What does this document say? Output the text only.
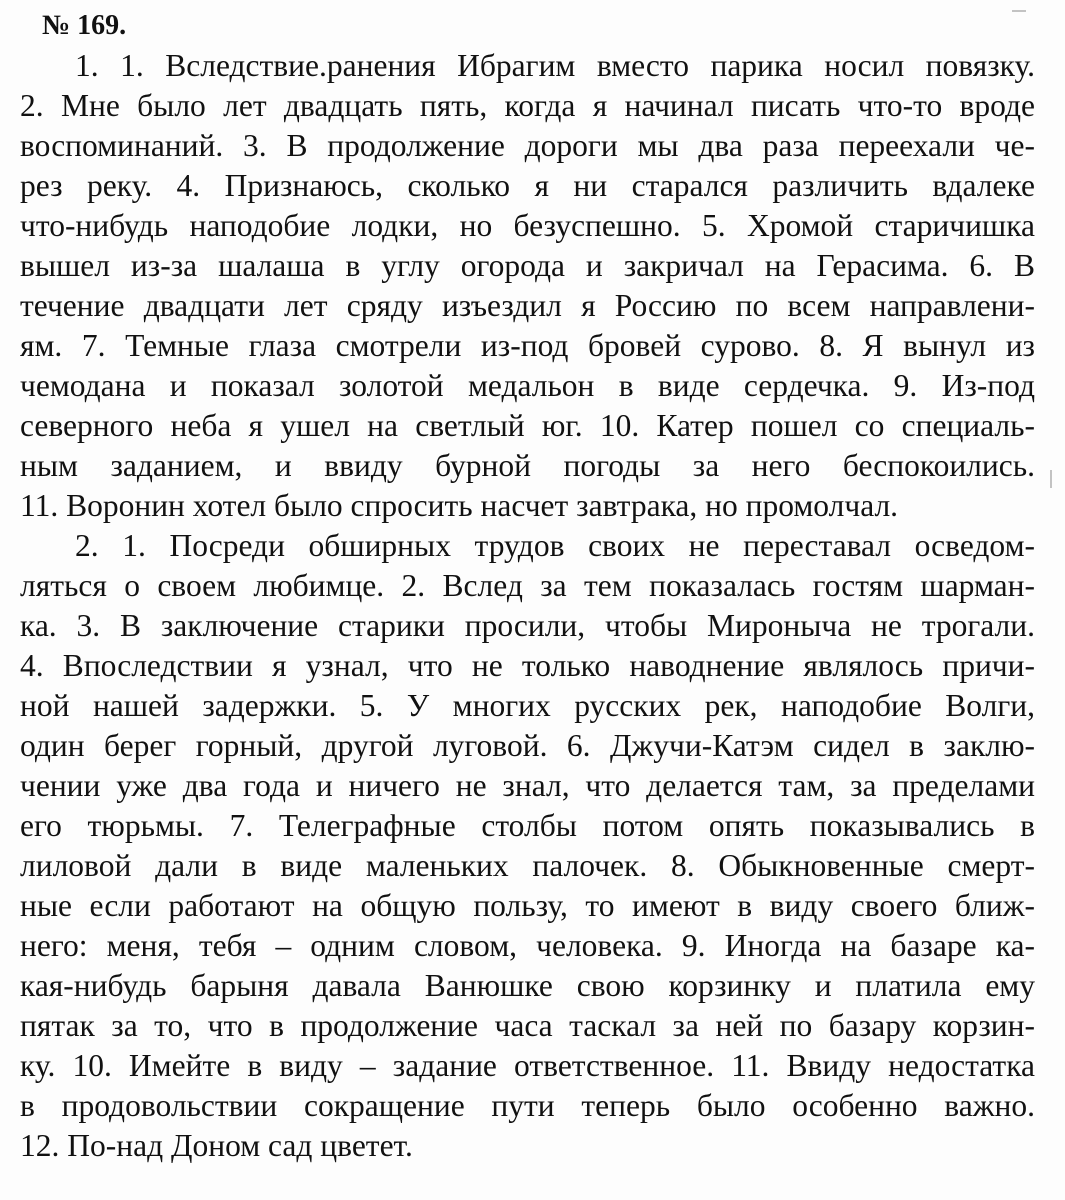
№ 169.
1. 1. Вследствие.ранения Ибрагим вместо парика носил повязку.
2. Мне было лет двадцать пять, когда я начинал писать что-то вроде
воспоминаний. 3. В продолжение дороги мы два раза переехали че-
рез реку. 4. Признаюсь, сколько я ни старался различить вдалеке
что-нибудь наподобие лодки, но безуспешно. 5. Хромой старичишка
вышел из-за шалаша в углу огорода и закричал на Герасима. 6. В
течение двадцати лет сряду изъездил я Россию по всем направлени-
ям. 7. Темные глаза смотрели из-под бровей сурово. 8. Я вынул из
чемодана и показал золотой медальон в виде сердечка. 9. Из-под
северного неба я ушел на светлый юг. 10. Катер пошел со специаль-
ным заданием, и ввиду бурной погоды за него беспокоились.
11. Воронин хотел было спросить насчет завтрака, но промолчал.
2. 1. Посреди обширных трудов своих не переставал осведом-
ляться о своем любимце. 2. Вслед за тем показалась гостям шарман-
ка. 3. В заключение старики просили, чтобы Мироныча не трогали.
4. Впоследствии я узнал, что не только наводнение являлось причи-
ной нашей задержки. 5. У многих русских рек, наподобие Волги,
один берег горный, другой луговой. 6. Джучи-Катэм сидел в заклю-
чении уже два года и ничего не знал, что делается там, за пределами
его тюрьмы. 7. Телеграфные столбы потом опять показывались в
лиловой дали в виде маленьких палочек. 8. Обыкновенные смерт-
ные если работают на общую пользу, то имеют в виду своего ближ-
него: меня, тебя – одним словом, человека. 9. Иногда на базаре ка-
кая-нибудь барыня давала Ванюшке свою корзинку и платила ему
пятак за то, что в продолжение часа таскал за ней по базару корзин-
ку. 10. Имейте в виду – задание ответственное. 11. Ввиду недостатка
в продовольствии сокращение пути теперь было особенно важно.
12. По-над Доном сад цветет.
